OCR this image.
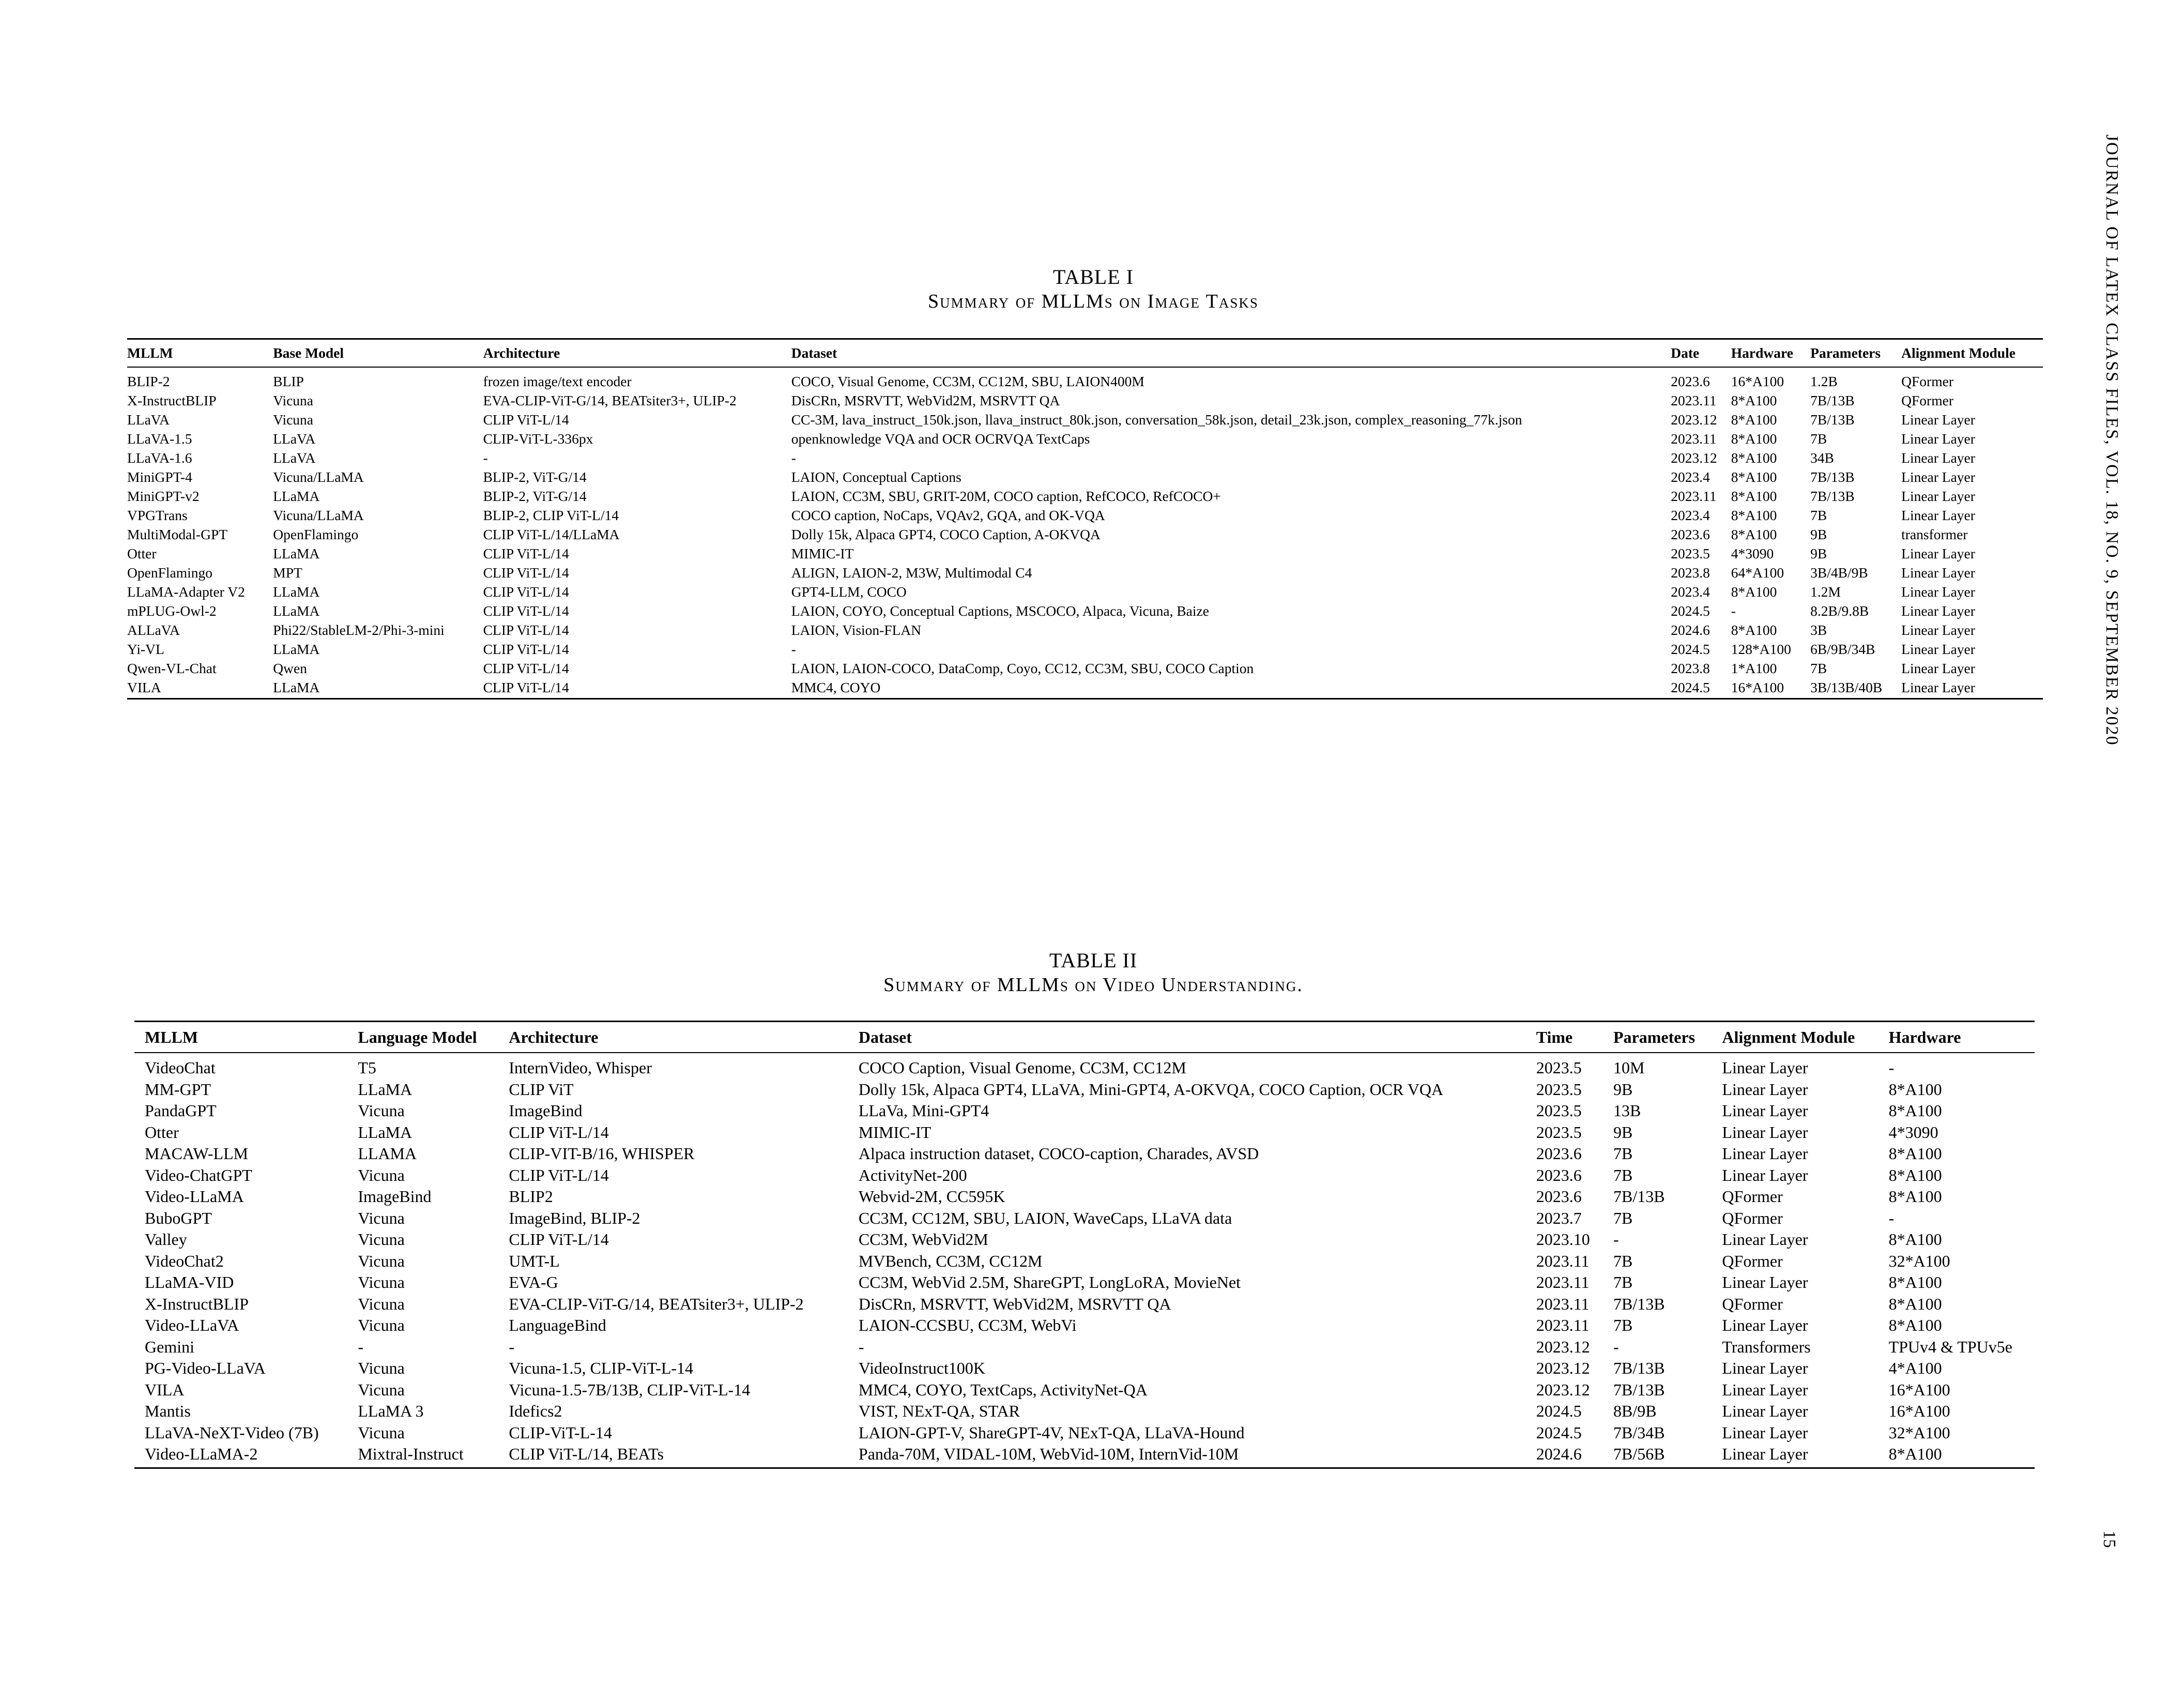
JOURNAL OF LATEX CLASS FILES, VOL. 18, NO. 9, SEPTEMBER 2020
TABLE I
Summary of MLLMs on Image Tasks
MLLM	Base Model	Architecture	Dataset	Date	Hardware	Parameters	Alignment Module
BLIP-2	BLIP	frozen image/text encoder	COCO, Visual Genome, CC3M, CC12M, SBU, LAION400M	2023.6	16*A100	1.2B	QFormer
X-InstructBLIP	Vicuna	EVA-CLIP-ViT-G/14, BEATsiter3+, ULIP-2	DisCRn, MSRVTT, WebVid2M, MSRVTT QA	2023.11	8*A100	7B/13B	QFormer
LLaVA	Vicuna	CLIP ViT-L/14	CC-3M, lava_instruct_150k.json, llava_instruct_80k.json, conversation_58k.json, detail_23k.json, complex_reasoning_77k.json	2023.12	8*A100	7B/13B	Linear Layer
LLaVA-1.5	LLaVA	CLIP-ViT-L-336px	openknowledge VQA and OCR OCRVQA TextCaps	2023.11	8*A100	7B	Linear Layer
LLaVA-1.6	LLaVA	-	-	2023.12	8*A100	34B	Linear Layer
MiniGPT-4	Vicuna/LLaMA	BLIP-2, ViT-G/14	LAION, Conceptual Captions	2023.4	8*A100	7B/13B	Linear Layer
MiniGPT-v2	LLaMA	BLIP-2, ViT-G/14	LAION, CC3M, SBU, GRIT-20M, COCO caption, RefCOCO, RefCOCO+	2023.11	8*A100	7B/13B	Linear Layer
VPGTrans	Vicuna/LLaMA	BLIP-2, CLIP ViT-L/14	COCO caption, NoCaps, VQAv2, GQA, and OK-VQA	2023.4	8*A100	7B	Linear Layer
MultiModal-GPT	OpenFlamingo	CLIP ViT-L/14/LLaMA	Dolly 15k, Alpaca GPT4, COCO Caption, A-OKVQA	2023.6	8*A100	9B	transformer
Otter	LLaMA	CLIP ViT-L/14	MIMIC-IT	2023.5	4*3090	9B	Linear Layer
OpenFlamingo	MPT	CLIP ViT-L/14	ALIGN, LAION-2, M3W, Multimodal C4	2023.8	64*A100	3B/4B/9B	Linear Layer
LLaMA-Adapter V2	LLaMA	CLIP ViT-L/14	GPT4-LLM, COCO	2023.4	8*A100	1.2M	Linear Layer
mPLUG-Owl-2	LLaMA	CLIP ViT-L/14	LAION, COYO, Conceptual Captions, MSCOCO, Alpaca, Vicuna, Baize	2024.5	-	8.2B/9.8B	Linear Layer
ALLaVA	Phi22/StableLM-2/Phi-3-mini	CLIP ViT-L/14	LAION, Vision-FLAN	2024.6	8*A100	3B	Linear Layer
Yi-VL	LLaMA	CLIP ViT-L/14	-	2024.5	128*A100	6B/9B/34B	Linear Layer
Qwen-VL-Chat	Qwen	CLIP ViT-L/14	LAION, LAION-COCO, DataComp, Coyo, CC12, CC3M, SBU, COCO Caption	2023.8	1*A100	7B	Linear Layer
VILA	LLaMA	CLIP ViT-L/14	MMC4, COYO	2024.5	16*A100	3B/13B/40B	Linear Layer
TABLE II
Summary of MLLMs on Video Understanding.
MLLM	Language Model	Architecture	Dataset	Time	Parameters	Alignment Module	Hardware
VideoChat	T5	InternVideo, Whisper	COCO Caption, Visual Genome, CC3M, CC12M	2023.5	10M	Linear Layer	-
MM-GPT	LLaMA	CLIP ViT	Dolly 15k, Alpaca GPT4, LLaVA, Mini-GPT4, A-OKVQA, COCO Caption, OCR VQA	2023.5	9B	Linear Layer	8*A100
PandaGPT	Vicuna	ImageBind	LLaVa, Mini-GPT4	2023.5	13B	Linear Layer	8*A100
Otter	LLaMA	CLIP ViT-L/14	MIMIC-IT	2023.5	9B	Linear Layer	4*3090
MACAW-LLM	LLAMA	CLIP-VIT-B/16, WHISPER	Alpaca instruction dataset, COCO-caption, Charades, AVSD	2023.6	7B	Linear Layer	8*A100
Video-ChatGPT	Vicuna	CLIP ViT-L/14	ActivityNet-200	2023.6	7B	Linear Layer	8*A100
Video-LLaMA	ImageBind	BLIP2	Webvid-2M, CC595K	2023.6	7B/13B	QFormer	8*A100
BuboGPT	Vicuna	ImageBind, BLIP-2	CC3M, CC12M, SBU, LAION, WaveCaps, LLaVA data	2023.7	7B	QFormer	-
Valley	Vicuna	CLIP ViT-L/14	CC3M, WebVid2M	2023.10	-	Linear Layer	8*A100
VideoChat2	Vicuna	UMT-L	MVBench, CC3M, CC12M	2023.11	7B	QFormer	32*A100
LLaMA-VID	Vicuna	EVA-G	CC3M, WebVid 2.5M, ShareGPT, LongLoRA, MovieNet	2023.11	7B	Linear Layer	8*A100
X-InstructBLIP	Vicuna	EVA-CLIP-ViT-G/14, BEATsiter3+, ULIP-2	DisCRn, MSRVTT, WebVid2M, MSRVTT QA	2023.11	7B/13B	QFormer	8*A100
Video-LLaVA	Vicuna	LanguageBind	LAION-CCSBU, CC3M, WebVi	2023.11	7B	Linear Layer	8*A100
Gemini	-	-	-	2023.12	-	Transformers	TPUv4 & TPUv5e
PG-Video-LLaVA	Vicuna	Vicuna-1.5, CLIP-ViT-L-14	VideoInstruct100K	2023.12	7B/13B	Linear Layer	4*A100
VILA	Vicuna	Vicuna-1.5-7B/13B, CLIP-ViT-L-14	MMC4, COYO, TextCaps, ActivityNet-QA	2023.12	7B/13B	Linear Layer	16*A100
Mantis	LLaMA 3	Idefics2	VIST, NExT-QA, STAR	2024.5	8B/9B	Linear Layer	16*A100
LLaVA-NeXT-Video (7B)	Vicuna	CLIP-ViT-L-14	LAION-GPT-V, ShareGPT-4V, NExT-QA, LLaVA-Hound	2024.5	7B/34B	Linear Layer	32*A100
Video-LLaMA-2	Mixtral-Instruct	CLIP ViT-L/14, BEATs	Panda-70M, VIDAL-10M, WebVid-10M, InternVid-10M	2024.6	7B/56B	Linear Layer	8*A100
15
